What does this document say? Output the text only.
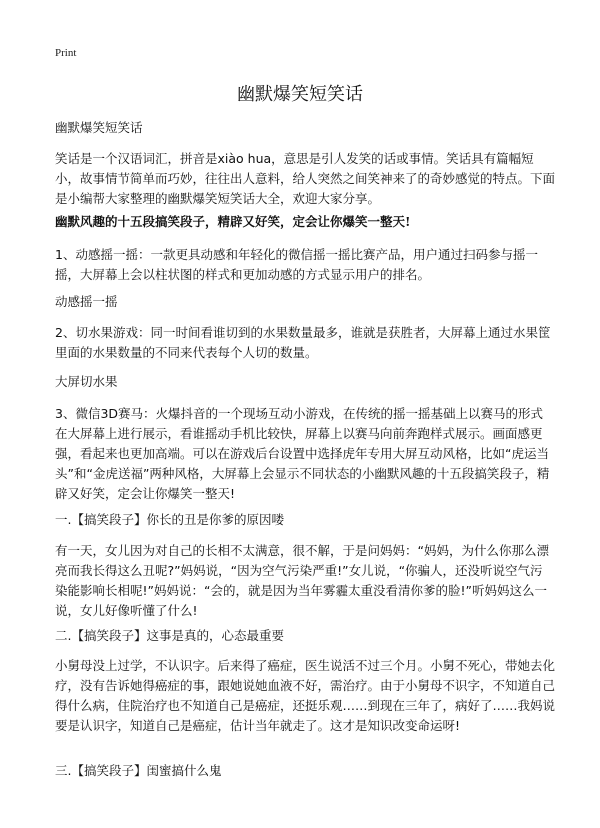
Print
幽默爆笑短笑话

幽默爆笑短笑话

笑话是一个汉语词汇，拼音是xiào hua，意思是引人发笑的话或事情。笑话具有篇幅短小，故事情节简单而巧妙，往往出人意料，给人突然之间笑神来了的奇妙感觉的特点。下面是小编帮大家整理的幽默爆笑短笑话大全，欢迎大家分享。

幽默风趣的十五段搞笑段子，精辟又好笑，定会让你爆笑一整天!

1、动感摇一摇：一款更具动感和年轻化的微信摇一摇比赛产品，用户通过扫码参与摇一摇，大屏幕上会以柱状图的样式和更加动感的方式显示用户的排名。

动感摇一摇

2、切水果游戏：同一时间看谁切到的水果数量最多，谁就是获胜者，大屏幕上通过水果筐里面的水果数量的不同来代表每个人切的数量。

大屏切水果

3、微信3D赛马：火爆抖音的一个现场互动小游戏，在传统的摇一摇基础上以赛马的形式在大屏幕上进行展示，看谁摇动手机比较快，屏幕上以赛马向前奔跑样式展示。画面感更强，看起来也更加高端。可以在游戏后台设置中选择虎年专用大屏互动风格，比如“虎运当头”和“金虎送福”两种风格，大屏幕上会显示不同状态的小幽默风趣的十五段搞笑段子，精辟又好笑，定会让你爆笑一整天!

一.【搞笑段子】你长的丑是你爹的原因喽

有一天，女儿因为对自己的长相不太满意，很不解，于是问妈妈：“妈妈，为什么你那么漂亮而我长得这么丑呢?”妈妈说，“因为空气污染严重!”女儿说，“你骗人，还没听说空气污染能影响长相呢!”妈妈说：“会的，就是因为当年雾霾太重没看清你爹的脸!”听妈妈这么一说，女儿好像听懂了什么!

二.【搞笑段子】这事是真的，心态最重要

小舅母没上过学，不认识字。后来得了癌症，医生说活不过三个月。小舅不死心，带她去化疗，没有告诉她得癌症的事，跟她说她血液不好，需治疗。由于小舅母不识字，不知道自己得什么病，住院治疗也不知道自己是癌症，还挺乐观……到现在三年了，病好了……我妈说要是认识字，知道自己是癌症，估计当年就走了。这才是知识改变命运呀!

三.【搞笑段子】闺蜜搞什么鬼
